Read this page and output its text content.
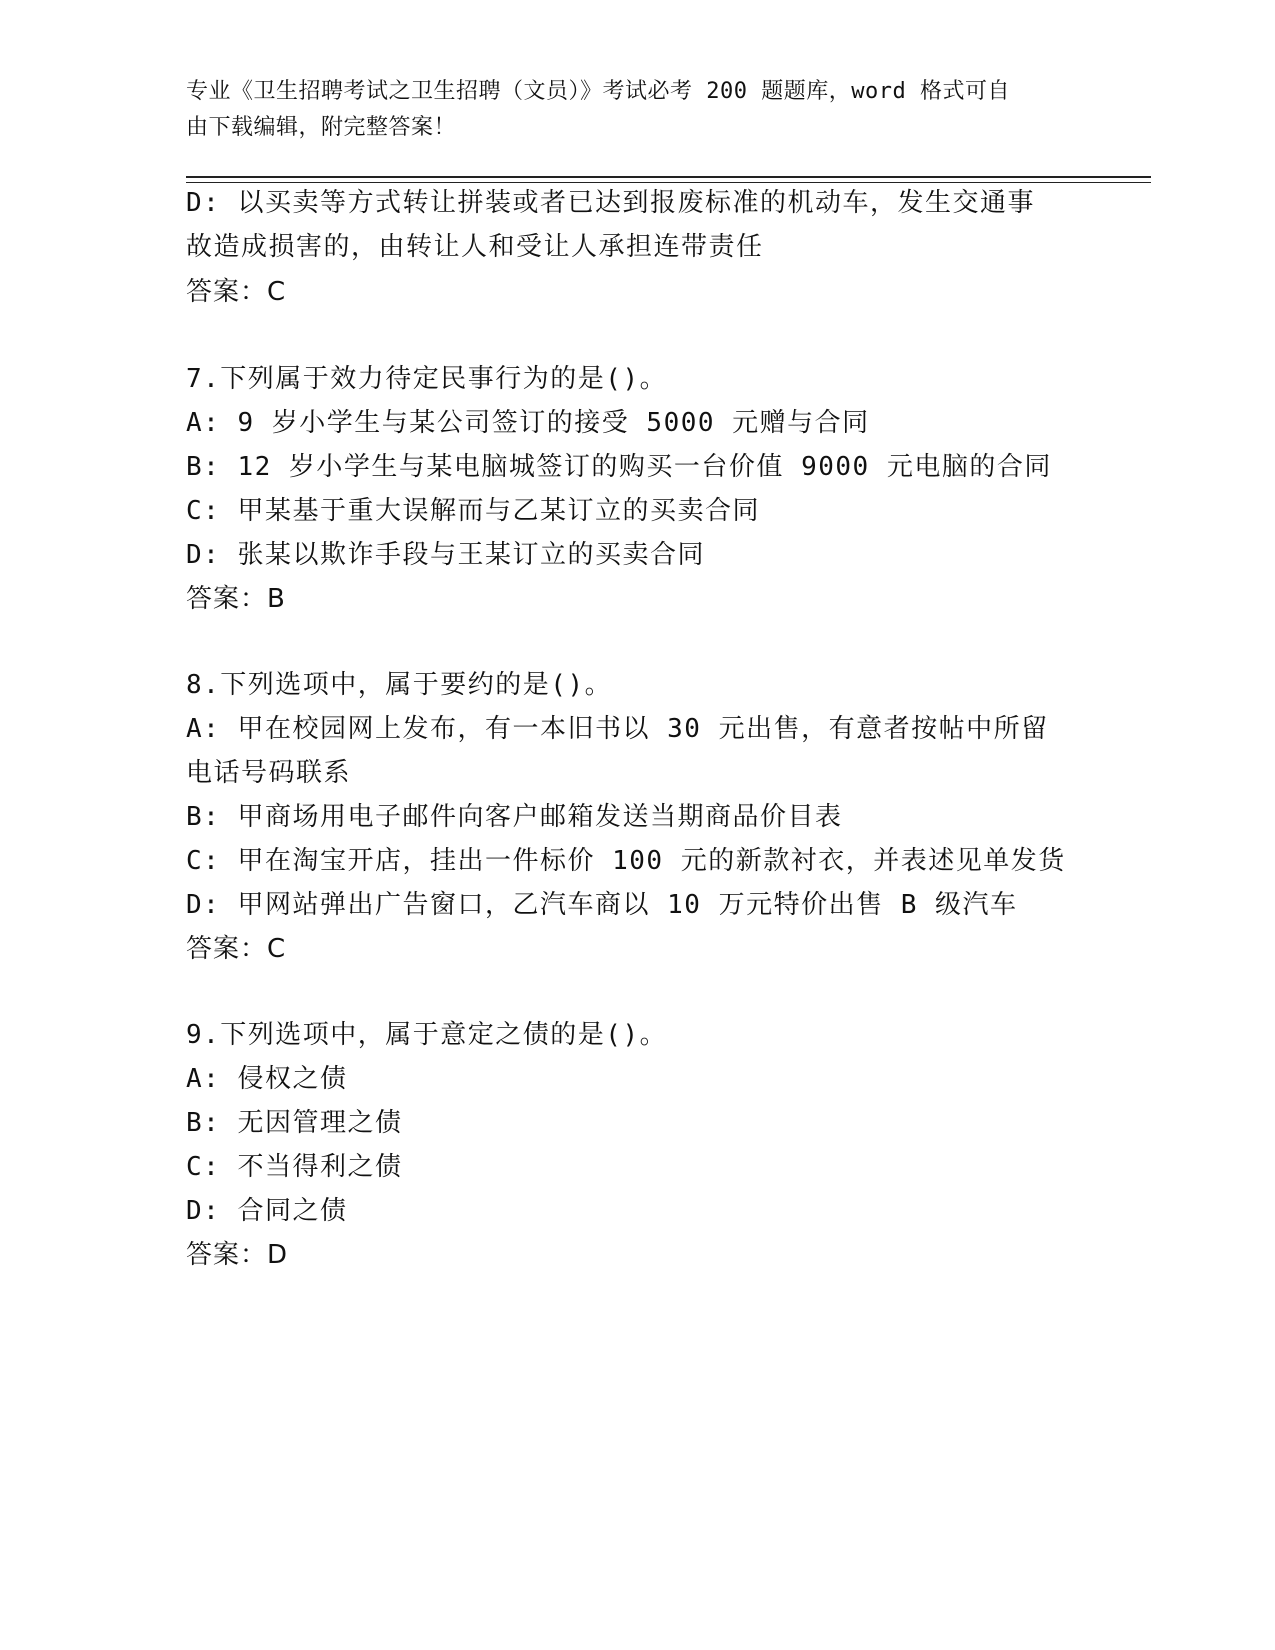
专业《卫生招聘考试之卫生招聘（文员）》考试必考 200 题题库，word 格式可自
由下载编辑，附完整答案！
D: 以买卖等方式转让拼装或者已达到报废标准的机动车，发生交通事
故造成损害的，由转让人和受让人承担连带责任
答案：C
7.下列属于效力待定民事行为的是()。
A: 9 岁小学生与某公司签订的接受 5000 元赠与合同
B: 12 岁小学生与某电脑城签订的购买一台价值 9000 元电脑的合同
C: 甲某基于重大误解而与乙某订立的买卖合同
D: 张某以欺诈手段与王某订立的买卖合同
答案：B
8.下列选项中，属于要约的是()。
A: 甲在校园网上发布，有一本旧书以 30 元出售，有意者按帖中所留
电话号码联系
B: 甲商场用电子邮件向客户邮箱发送当期商品价目表
C: 甲在淘宝开店，挂出一件标价 100 元的新款衬衣，并表述见单发货
D: 甲网站弹出广告窗口，乙汽车商以 10 万元特价出售 B 级汽车
答案：C
9.下列选项中，属于意定之债的是()。
A: 侵权之债
B: 无因管理之债
C: 不当得利之债
D: 合同之债
答案：D
